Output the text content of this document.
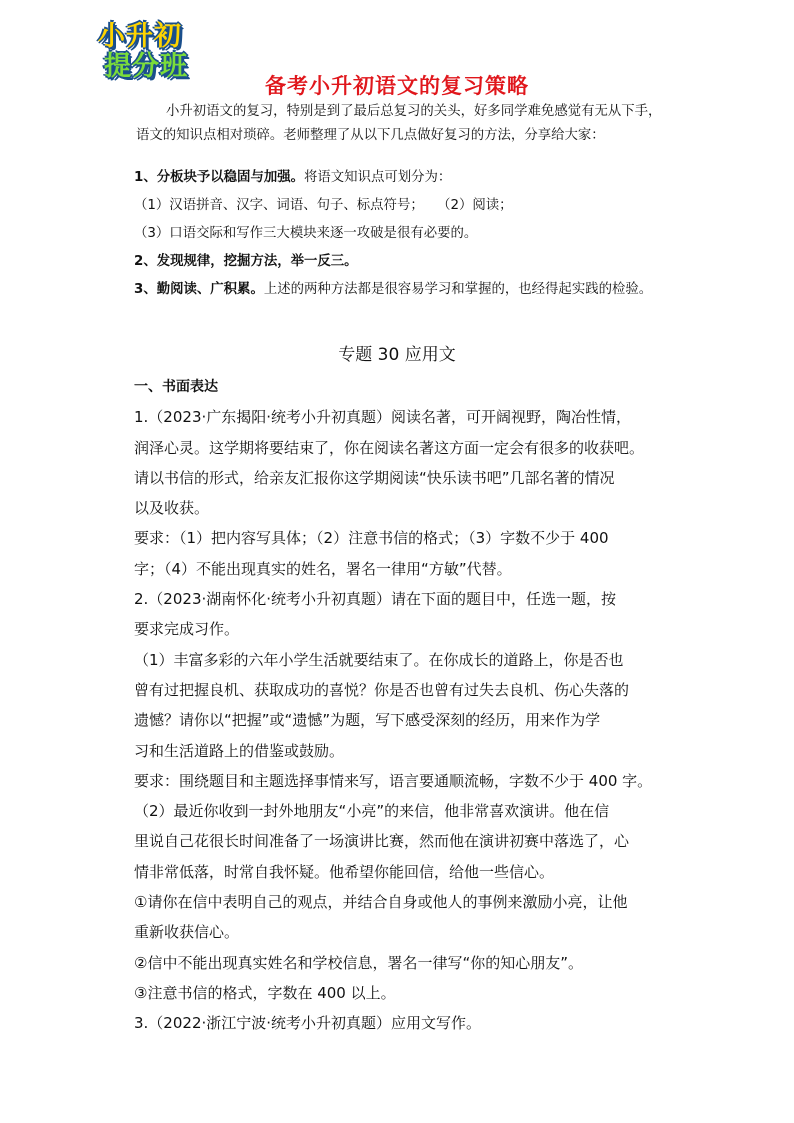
小升初
提分班
备考小升初语文的复习策略

小升初语文的复习，特别是到了最后总复习的关头，好多同学难免感觉有无从下手，

语文的知识点相对琐碎。老师整理了从以下几点做好复习的方法，分享给大家：

1、分板块予以稳固与加强。将语文知识点可划分为：

（1）汉语拼音、汉字、词语、句子、标点符号；　　（2）阅读；

（3）口语交际和写作三大模块来逐一攻破是很有必要的。

2、发现规律，挖掘方法，举一反三。

3、勤阅读、广积累。上述的两种方法都是很容易学习和掌握的，也经得起实践的检验。

专题 30 应用文

一、书面表达

1.（2023·广东揭阳·统考小升初真题）阅读名著，可开阔视野，陶冶性情，

润泽心灵。这学期将要结束了，你在阅读名著这方面一定会有很多的收获吧。

请以书信的形式，给亲友汇报你这学期阅读“快乐读书吧”几部名著的情况

以及收获。

要求：（1）把内容写具体；（2）注意书信的格式；（3）字数不少于 400

字；（4）不能出现真实的姓名，署名一律用“方敏”代替。

2.（2023·湖南怀化·统考小升初真题）请在下面的题目中，任选一题，按

要求完成习作。

（1）丰富多彩的六年小学生活就要结束了。在你成长的道路上，你是否也

曾有过把握良机、获取成功的喜悦？你是否也曾有过失去良机、伤心失落的

遗憾？请你以“把握”或“遗憾”为题，写下感受深刻的经历，用来作为学

习和生活道路上的借鉴或鼓励。

要求：围绕题目和主题选择事情来写，语言要通顺流畅，字数不少于 400 字。

（2）最近你收到一封外地朋友“小亮”的来信，他非常喜欢演讲。他在信

里说自己花很长时间准备了一场演讲比赛，然而他在演讲初赛中落选了，心

情非常低落，时常自我怀疑。他希望你能回信，给他一些信心。

①请你在信中表明自己的观点，并结合自身或他人的事例来激励小亮，让他

重新收获信心。

②信中不能出现真实姓名和学校信息，署名一律写“你的知心朋友”。

③注意书信的格式，字数在 400 以上。

3.（2022·浙江宁波·统考小升初真题）应用文写作。
